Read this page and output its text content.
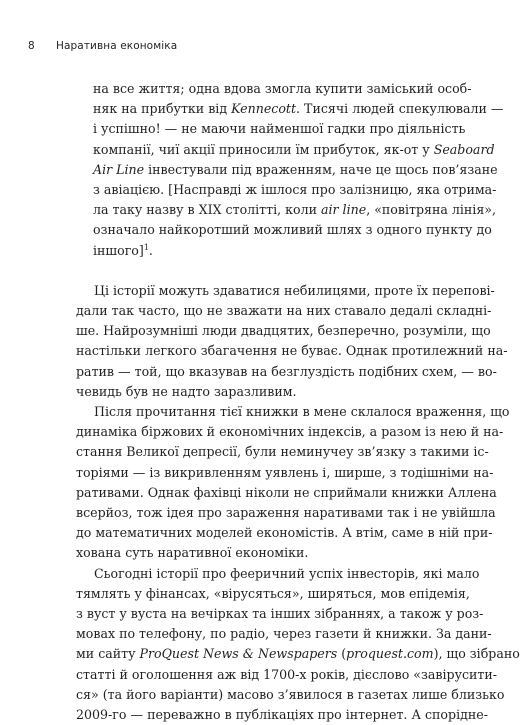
8 Наративна економіка
на все життя; одна вдова змогла купити заміський особ-
няк на прибутки від Kennecott. Тисячі людей спекулювали —
і успішно! — не маючи найменшої гадки про діяльність
компанії, чиї акції приносили їм прибуток, як-от у Seaboard
Air Line інвестували під враженням, наче це щось пов’язане
з авіацією. [Насправді ж ішлося про залізницю, яка отрима-
ла таку назву в ХІХ столітті, коли air line, «повітряна лінія»,
означало найкоротший можливий шлях з одного пункту до
іншого]$^1$.
Ці історії можуть здаватися небилицями, проте їх перепові-
дали так часто, що не зважати на них ставало дедалі складні-
ше. Найрозумніші люди двадцятих, безперечно, розуміли, що
настільки легкого збагачення не буває. Однак протилежний на-
ратив — той, що вказував на безглуздість подібних схем, — во-
чевидь був не надто заразливим.
Після прочитання тієї книжки в мене склалося враження, що
динаміка біржових й економічних індексів, а разом із нею й на-
стання Великої депресії, були неминучеу зв’язку з такими іс-
торіями — із викривленням уявлень і, ширше, з тодішніми на-
ративами. Однак фахівці ніколи не сприймали книжки Аллена
всерйоз, тож ідея про зараження наративами так і не увійшла
до математичних моделей економістів. А втім, саме в ній при-
хована суть наративної економіки.
Сьогодні історії про фееричний успіх інвесторів, які мало
тямлять у фінансах, «вірусяться», ширяться, мов епідемія,
з вуст у вуста на вечірках та інших зібраннях, а також у роз-
мовах по телефону, по радіо, через газети й книжки. За дани-
ми сайту ProQuest News & Newspapers (proquest.com), що зібрано
статті й оголошення аж від 1700-х років, дієслово «завірусити-
ся» (та його варіанти) масово з’явилося в газетах лише близько
2009-го — переважно в публікаціях про інтернет. А споріднe-
